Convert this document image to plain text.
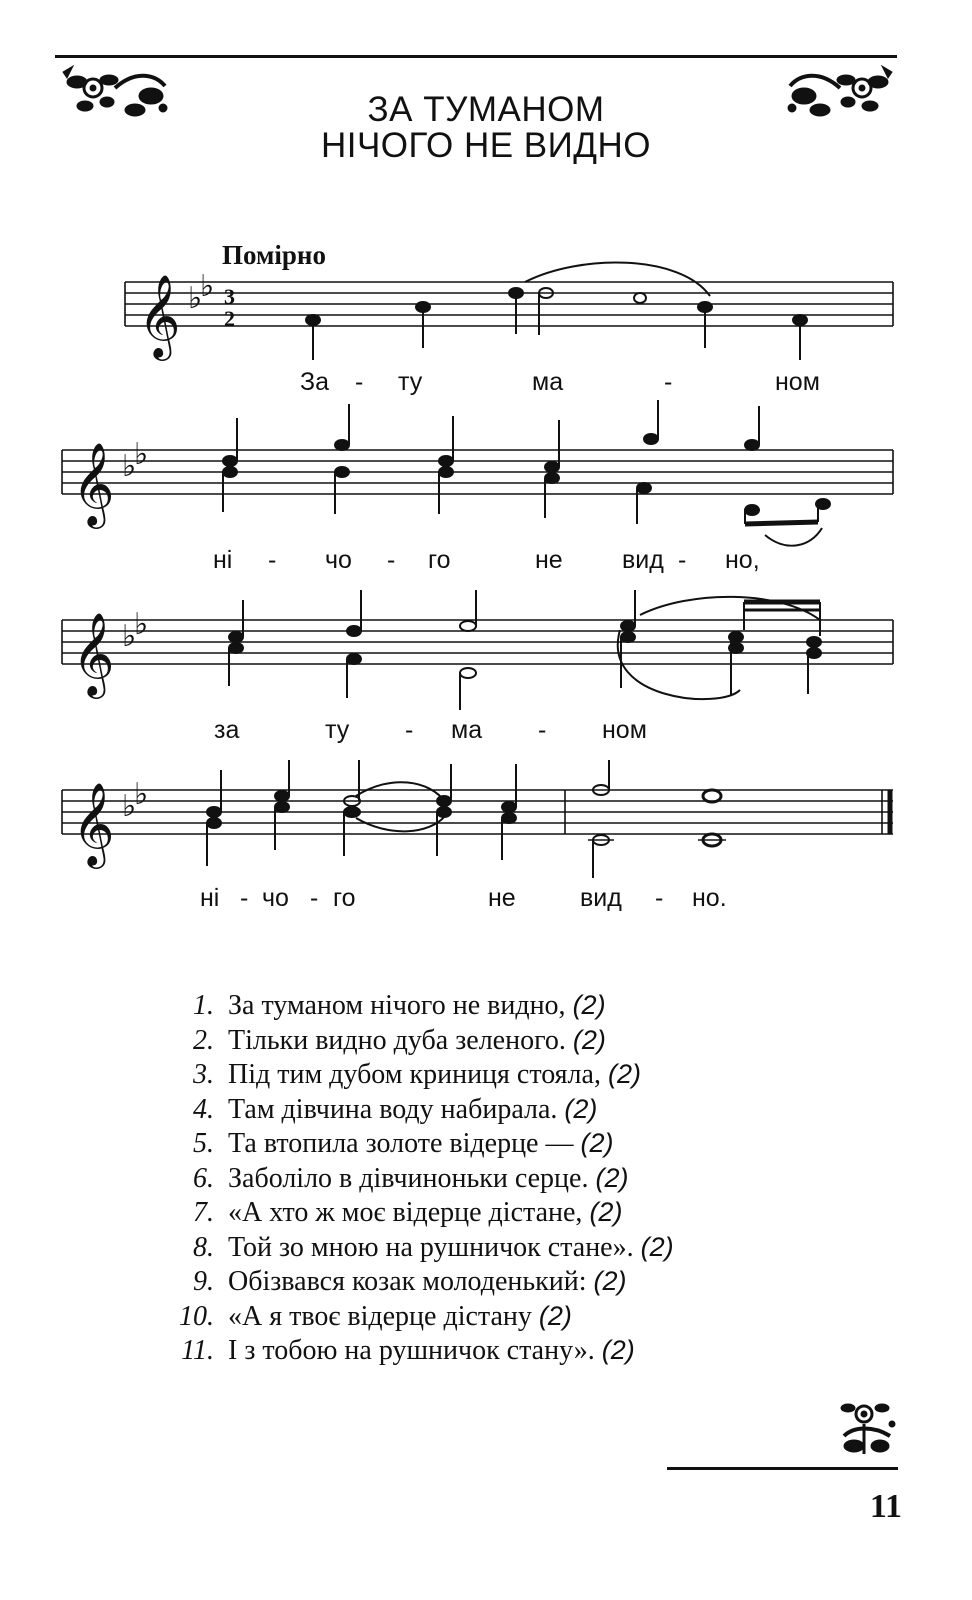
ЗА ТУМАНОМ
НІЧОГО НЕ ВИДНО
Помірно
𝄞 ♭
♭ 3
2
За - ту	ма	-	ном
𝄞 ♭
♭
ні - чо - го	не вид - но,
𝄞 ♭
♭
за	ту - ма - ном
𝄞 ♭
♭
ні - чо - го	не	вид - но.
1. За туманом нічого не видно, (2)
2. Тільки видно дуба зеленого. (2)
3. Під тим дубом криниця стояла, (2)
4. Там дівчина воду набирала. (2)
5. Та втопила золоте відерце — (2)
6. Заболіло в дівчиноньки серце. (2)
7. «А хто ж моє відерце дістане, (2)
8. Той зо мною на рушничок стане». (2)
9. Обізвався козак молоденький: (2)
10. «А я твоє відерце дістану (2)
11. І з тобою на рушничок стану». (2)
11
